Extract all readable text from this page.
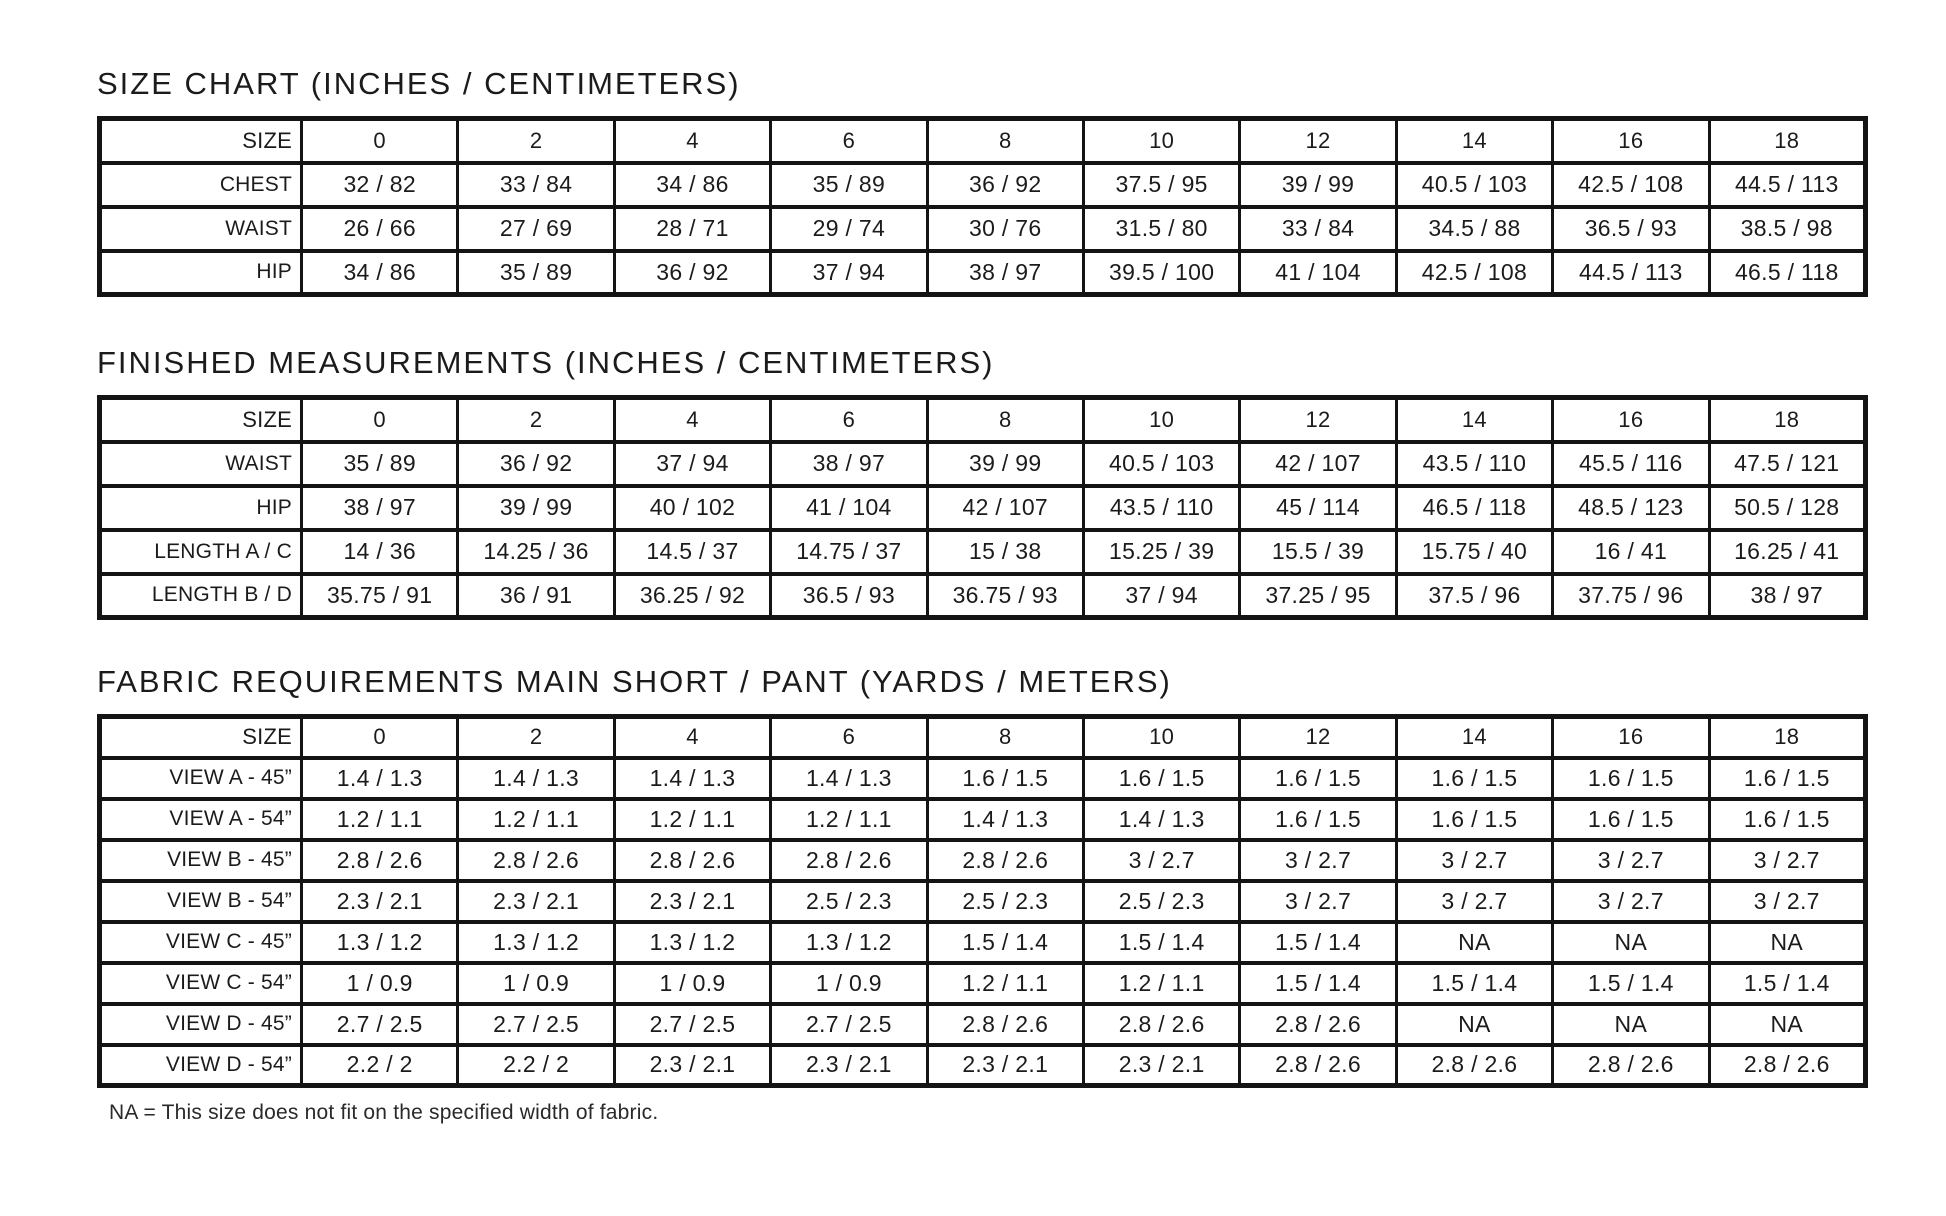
SIZE CHART (INCHES / CENTIMETERS)
SIZE	0	2	4	6	8	10	12	14	16	18
CHEST	32 / 82	33 / 84	34 / 86	35 / 89	36 / 92	37.5 / 95	39 / 99	40.5 / 103	42.5 / 108	44.5 / 113
WAIST	26 / 66	27 / 69	28 / 71	29 / 74	30 / 76	31.5 / 80	33 / 84	34.5 / 88	36.5 / 93	38.5 / 98
HIP	34 / 86	35 / 89	36 / 92	37 / 94	38 / 97	39.5 / 100	41 / 104	42.5 / 108	44.5 / 113	46.5 / 118
FINISHED MEASUREMENTS (INCHES / CENTIMETERS)
SIZE	0	2	4	6	8	10	12	14	16	18
WAIST	35 / 89	36 / 92	37 / 94	38 / 97	39 / 99	40.5 / 103	42 / 107	43.5 / 110	45.5 / 116	47.5 / 121
HIP	38 / 97	39 / 99	40 / 102	41 / 104	42 / 107	43.5 / 110	45 / 114	46.5 / 118	48.5 / 123	50.5 / 128
LENGTH A / C	14 / 36	14.25 / 36	14.5 / 37	14.75 / 37	15 / 38	15.25 / 39	15.5 / 39	15.75 / 40	16 / 41	16.25 / 41
LENGTH B / D	35.75 / 91	36 / 91	36.25 / 92	36.5 / 93	36.75 / 93	37 / 94	37.25 / 95	37.5 / 96	37.75 / 96	38 / 97
FABRIC REQUIREMENTS MAIN SHORT / PANT (YARDS / METERS)
SIZE	0	2	4	6	8	10	12	14	16	18
VIEW A - 45”	1.4 / 1.3	1.4 / 1.3	1.4 / 1.3	1.4 / 1.3	1.6 / 1.5	1.6 / 1.5	1.6 / 1.5	1.6 / 1.5	1.6 / 1.5	1.6 / 1.5
VIEW A - 54”	1.2 / 1.1	1.2 / 1.1	1.2 / 1.1	1.2 / 1.1	1.4 / 1.3	1.4 / 1.3	1.6 / 1.5	1.6 / 1.5	1.6 / 1.5	1.6 / 1.5
VIEW B - 45”	2.8 / 2.6	2.8 / 2.6	2.8 / 2.6	2.8 / 2.6	2.8 / 2.6	3 / 2.7	3 / 2.7	3 / 2.7	3 / 2.7	3 / 2.7
VIEW B - 54”	2.3 / 2.1	2.3 / 2.1	2.3 / 2.1	2.5 / 2.3	2.5 / 2.3	2.5 / 2.3	3 / 2.7	3 / 2.7	3 / 2.7	3 / 2.7
VIEW C - 45”	1.3 / 1.2	1.3 / 1.2	1.3 / 1.2	1.3 / 1.2	1.5 / 1.4	1.5 / 1.4	1.5 / 1.4	NA	NA	NA
VIEW C - 54”	1 / 0.9	1 / 0.9	1 / 0.9	1 / 0.9	1.2 / 1.1	1.2 / 1.1	1.5 / 1.4	1.5 / 1.4	1.5 / 1.4	1.5 / 1.4
VIEW D - 45”	2.7 / 2.5	2.7 / 2.5	2.7 / 2.5	2.7 / 2.5	2.8 / 2.6	2.8 / 2.6	2.8 / 2.6	NA	NA	NA
VIEW D - 54”	2.2 / 2	2.2 / 2	2.3 / 2.1	2.3 / 2.1	2.3 / 2.1	2.3 / 2.1	2.8 / 2.6	2.8 / 2.6	2.8 / 2.6	2.8 / 2.6

NA = This size does not fit on the specified width of fabric.
